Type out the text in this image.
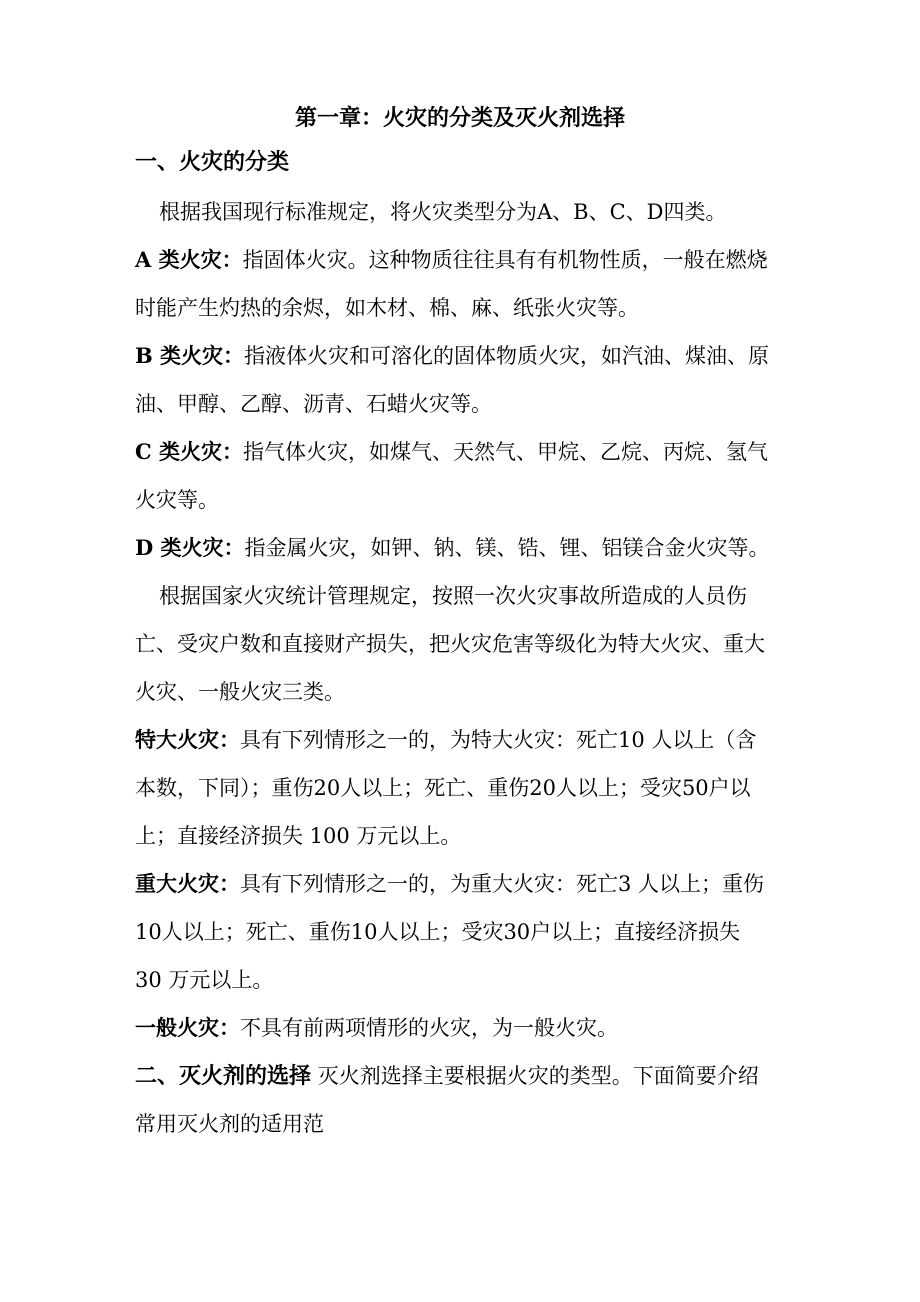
第一章：火灾的分类及灭火剂选择
一、火灾的分类

根据我国现行标准规定，将火灾类型分为A、B、C、D四类。

A 类火灾：指固体火灾。这种物质往往具有有机物性质，一般在燃烧
时能产生灼热的余烬，如木材、棉、麻、纸张火灾等。

B 类火灾：指液体火灾和可溶化的固体物质火灾，如汽油、煤油、原
油、甲醇、乙醇、沥青、石蜡火灾等。

C 类火灾：指气体火灾，如煤气、天然气、甲烷、乙烷、丙烷、氢气
火灾等。

D 类火灾：指金属火灾，如钾、钠、镁、锆、锂、铝镁合金火灾等。

根据国家火灾统计管理规定，按照一次火灾事故所造成的人员伤
亡、受灾户数和直接财产损失，把火灾危害等级化为特大火灾、重大
火灾、一般火灾三类。

特大火灾：具有下列情形之一的，为特大火灾：死亡10 人以上（含
本数，下同）；重伤20人以上；死亡、重伤20人以上；受灾50户以
上；直接经济损失 100 万元以上。

重大火灾：具有下列情形之一的，为重大火灾：死亡3 人以上；重伤
10人以上；死亡、重伤10人以上；受灾30户以上；直接经济损失
30 万元以上。

一般火灾：不具有前两项情形的火灾，为一般火灾。

二、灭火剂的选择 灭火剂选择主要根据火灾的类型。下面简要介绍
常用灭火剂的适用范
